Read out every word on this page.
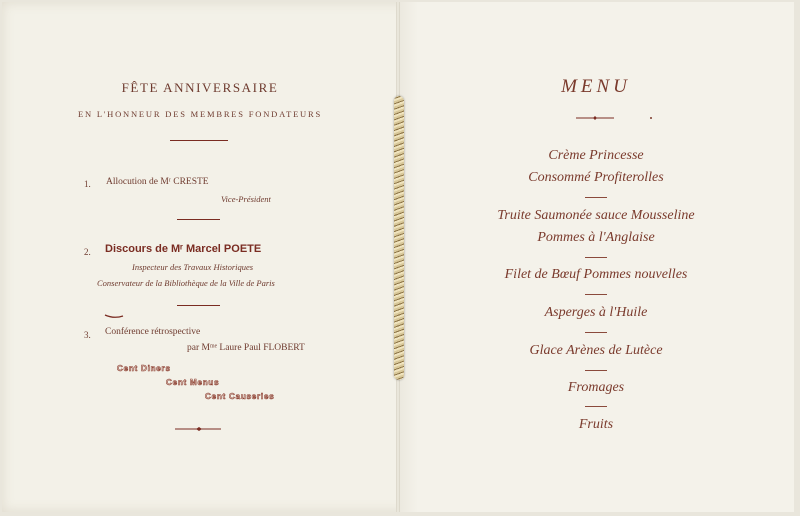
FÊTE ANNIVERSAIRE
EN L'HONNEUR DES MEMBRES FONDATEURS
1. Allocution de Mʳ CRESTE
Vice-Président
2. Discours de Mʳ Marcel POETE
Inspecteur des Travaux Historiques
Conservateur de la Bibliothèque de la Ville de Paris
3. Conférence rétrospective
par Mᵐᵉ Laure Paul FLOBERT
Cent Diners
Cent Menus
Cent Causeries
MENU
Crème Princesse
Consommé Profiterolles
Truite Saumonée sauce Mousseline
Pommes à l'Anglaise
Filet de Bœuf Pommes nouvelles
Asperges à l'Huile
Glace Arènes de Lutèce
Fromages
Fruits
